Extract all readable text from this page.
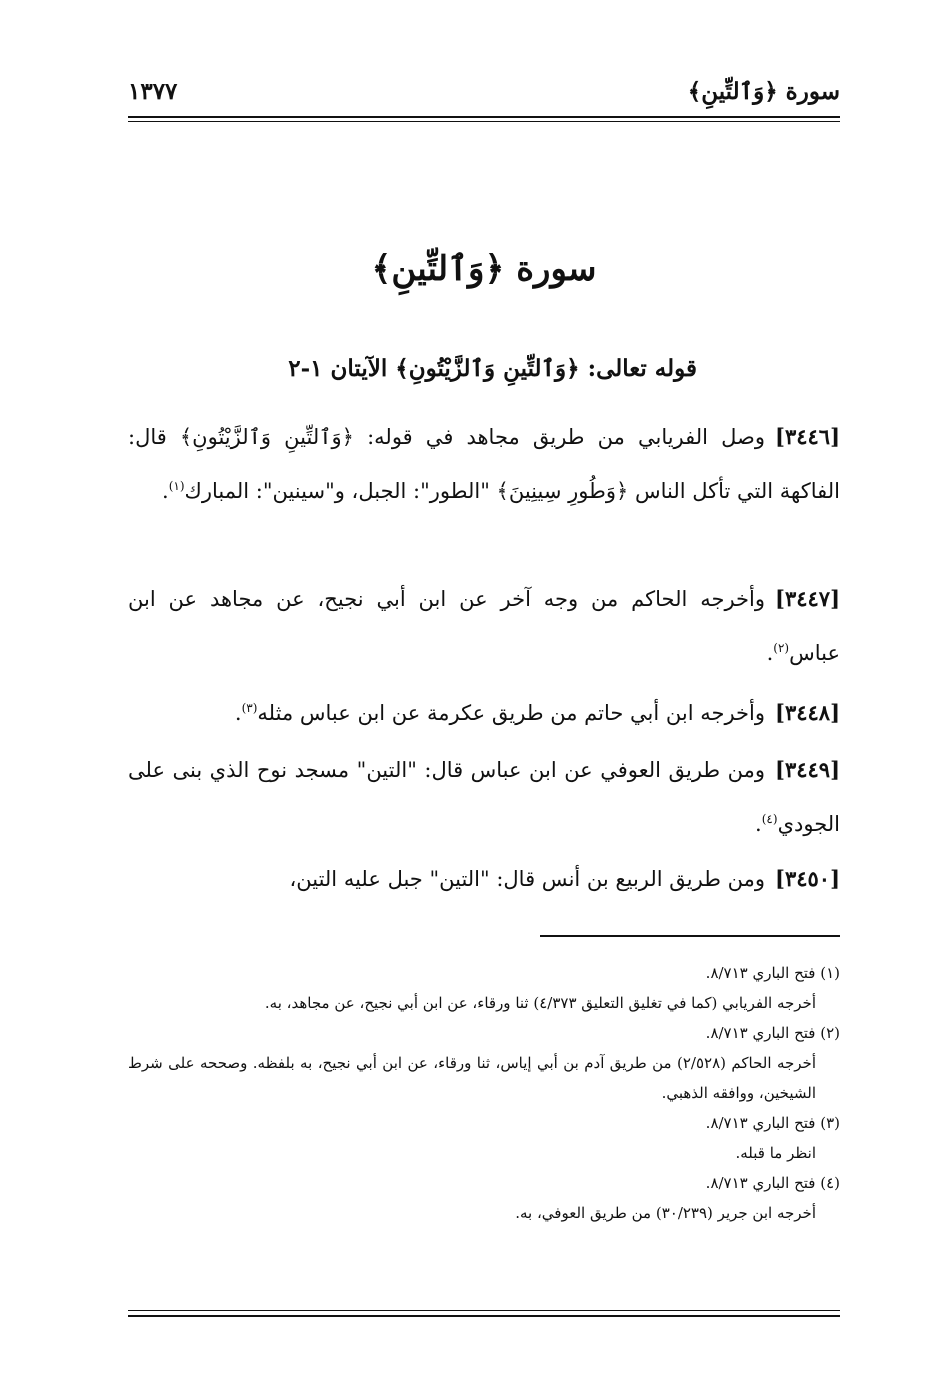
سورة ﴿وَٱلتِّينِ﴾
١٣٧٧
سورة ﴿وَٱلتِّينِ﴾
قوله تعالى: ﴿وَٱلتِّينِ وَٱلزَّيْتُونِ﴾ الآيتان ١-٢
[٣٤٤٦]وصل الفريابي من طريق مجاهد في قوله: ﴿وَٱلتِّينِ وَٱلزَّيْتُونِ﴾ قال: الفاكهة التي تأكل الناس ﴿وَطُورِ سِينِينَ﴾ "الطور": الجبل، و"سينين": المبارك$^{(١)}$.
[٣٤٤٧]وأخرجه الحاكم من وجه آخر عن ابن أبي نجيح، عن مجاهد عن ابن عباس$^{(٢)}$.
[٣٤٤٨]وأخرجه ابن أبي حاتم من طريق عكرمة عن ابن عباس مثله$^{(٣)}$.
[٣٤٤٩]ومن طريق العوفي عن ابن عباس قال: "التين" مسجد نوح الذي بنى على الجودي$^{(٤)}$.
[٣٤٥٠]ومن طريق الربيع بن أنس قال: "التين" جبل عليه التين،
(١) فتح الباري ٨/٧١٣.
أخرجه الفريابي (كما في تغليق التعليق ٤/٣٧٣) ثنا ورقاء، عن ابن أبي نجيح، عن مجاهد، به.
(٢) فتح الباري ٨/٧١٣.
أخرجه الحاكم (٢/٥٢٨) من طريق آدم بن أبي إياس، ثنا ورقاء، عن ابن أبي نجيح، به بلفظه. وصححه على شرط الشيخين، ووافقه الذهبي.
(٣) فتح الباري ٨/٧١٣.
انظر ما قبله.
(٤) فتح الباري ٨/٧١٣.
أخرجه ابن جرير (٣٠/٢٣٩) من طريق العوفي، به.
